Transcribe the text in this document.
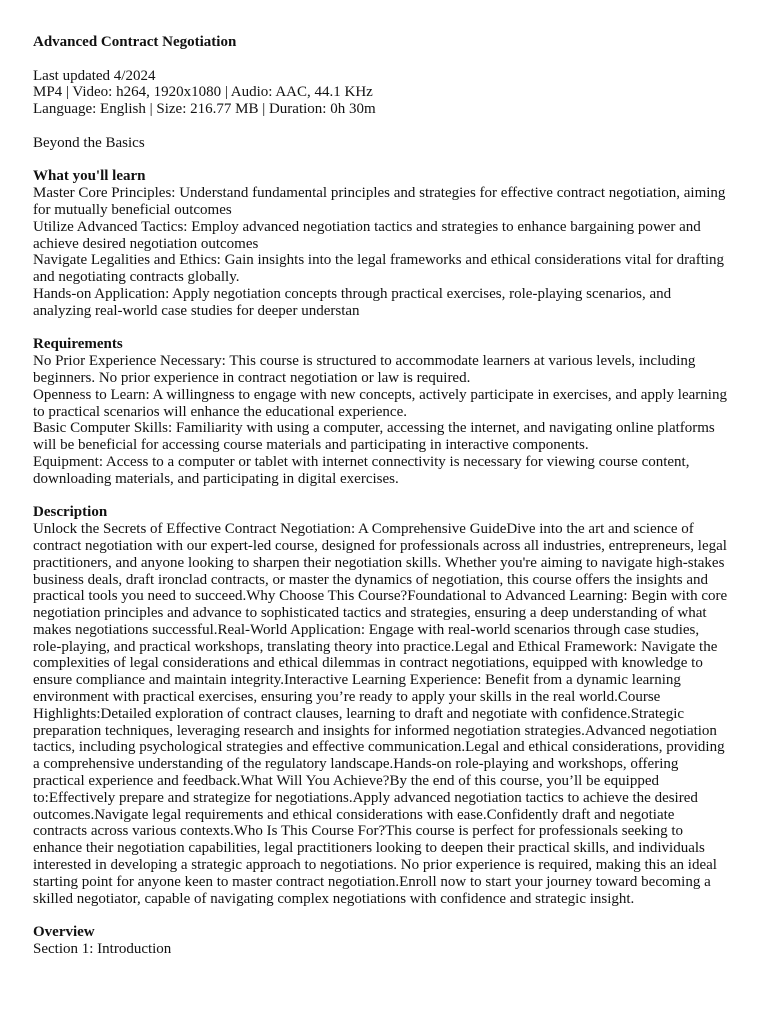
Advanced Contract Negotiation

Last updated 4/2024

MP4 | Video: h264, 1920x1080 | Audio: AAC, 44.1 KHz

Language: English | Size: 216.77 MB | Duration: 0h 30m

Beyond the Basics

What you'll learn

Master Core Principles: Understand fundamental principles and strategies for effective contract negotiation, aiming for mutually beneficial outcomes

Utilize Advanced Tactics: Employ advanced negotiation tactics and strategies to enhance bargaining power and achieve desired negotiation outcomes

Navigate Legalities and Ethics: Gain insights into the legal frameworks and ethical considerations vital for drafting and negotiating contracts globally.

Hands-on Application: Apply negotiation concepts through practical exercises, role-playing scenarios, and analyzing real-world case studies for deeper understan

Requirements

No Prior Experience Necessary: This course is structured to accommodate learners at various levels, including beginners. No prior experience in contract negotiation or law is required.

Openness to Learn: A willingness to engage with new concepts, actively participate in exercises, and apply learning to practical scenarios will enhance the educational experience.

Basic Computer Skills: Familiarity with using a computer, accessing the internet, and navigating online platforms will be beneficial for accessing course materials and participating in interactive components.

Equipment: Access to a computer or tablet with internet connectivity is necessary for viewing course content, downloading materials, and participating in digital exercises.

Description

Unlock the Secrets of Effective Contract Negotiation: A Comprehensive GuideDive into the art and science of contract negotiation with our expert-led course, designed for professionals across all industries, entrepreneurs, legal practitioners, and anyone looking to sharpen their negotiation skills. Whether you're aiming to navigate high-stakes business deals, draft ironclad contracts, or master the dynamics of negotiation, this course offers the insights and practical tools you need to succeed.Why Choose This Course?Foundational to Advanced Learning: Begin with core negotiation principles and advance to sophisticated tactics and strategies, ensuring a deep understanding of what makes negotiations successful.Real-World Application: Engage with real-world scenarios through case studies, role-playing, and practical workshops, translating theory into practice.Legal and Ethical Framework: Navigate the complexities of legal considerations and ethical dilemmas in contract negotiations, equipped with knowledge to ensure compliance and maintain integrity.Interactive Learning Experience: Benefit from a dynamic learning environment with practical exercises, ensuring you’re ready to apply your skills in the real world.Course Highlights:Detailed exploration of contract clauses, learning to draft and negotiate with confidence.Strategic preparation techniques, leveraging research and insights for informed negotiation strategies.Advanced negotiation tactics, including psychological strategies and effective communication.Legal and ethical considerations, providing a comprehensive understanding of the regulatory landscape.Hands-on role-playing and workshops, offering practical experience and feedback.What Will You Achieve?By the end of this course, you’ll be equipped to:Effectively prepare and strategize for negotiations.Apply advanced negotiation tactics to achieve the desired outcomes.Navigate legal requirements and ethical considerations with ease.Confidently draft and negotiate contracts across various contexts.Who Is This Course For?This course is perfect for professionals seeking to enhance their negotiation capabilities, legal practitioners looking to deepen their practical skills, and individuals interested in developing a strategic approach to negotiations. No prior experience is required, making this an ideal starting point for anyone keen to master contract negotiation.Enroll now to start your journey toward becoming a skilled negotiator, capable of navigating complex negotiations with confidence and strategic insight.

Overview

Section 1: Introduction
